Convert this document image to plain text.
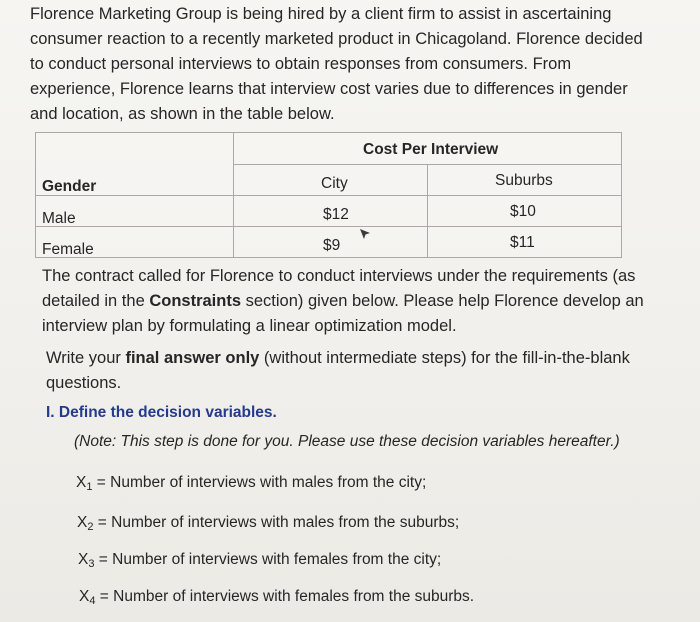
Florence Marketing Group is being hired by a client firm to assist in ascertaining
consumer reaction to a recently marketed product in Chicagoland. Florence decided
to conduct personal interviews to obtain responses from consumers. From
experience, Florence learns that interview cost varies due to differences in gender
and location, as shown in the table below.

Cost Per Interview
Gender	City	Suburbs
Male	$12	$10
Female	$9	$11

The contract called for Florence to conduct interviews under the requirements (as
detailed in the Constraints section) given below. Please help Florence develop an
interview plan by formulating a linear optimization model.

Write your final answer only (without intermediate steps) for the fill-in-the-blank
questions.

I. Define the decision variables.
(Note: This step is done for you. Please use these decision variables hereafter.)
$X_1$ = Number of interviews with males from the city;
$X_2$ = Number of interviews with males from the suburbs;
$X_3$ = Number of interviews with females from the city;
$X_4$ = Number of interviews with females from the suburbs.
